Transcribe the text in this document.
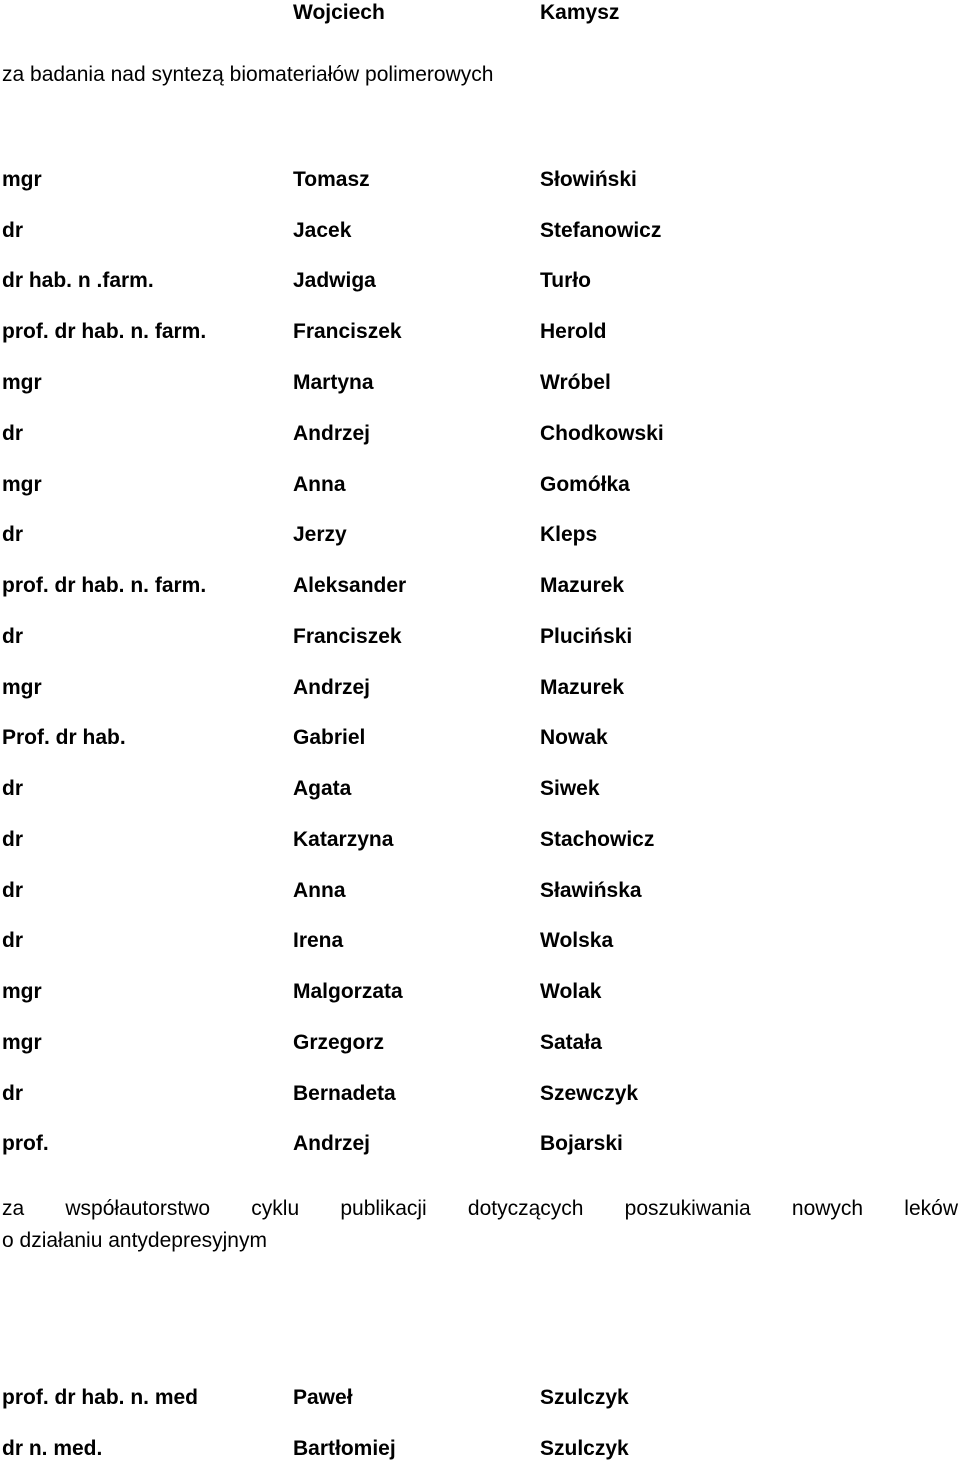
Wojciech	Kamysz
za badania nad syntezą biomateriałów polimerowych
mgr	Tomasz	Słowiński
dr	Jacek	Stefanowicz
dr hab. n .farm.	Jadwiga	Turło
prof. dr hab. n. farm.	Franciszek	Herold
mgr	Martyna	Wróbel
dr	Andrzej	Chodkowski
mgr	Anna	Gomółka
dr	Jerzy	Kleps
prof. dr hab. n. farm.	Aleksander	Mazurek
dr	Franciszek	Pluciński
mgr	Andrzej	Mazurek
Prof. dr hab.	Gabriel	Nowak
dr	Agata	Siwek
dr	Katarzyna	Stachowicz
dr	Anna	Sławińska
dr	Irena	Wolska
mgr	Malgorzata	Wolak
mgr	Grzegorz	Satała
dr	Bernadeta	Szewczyk
prof.	Andrzej	Bojarski
za współautorstwo cyklu publikacji dotyczących poszukiwania nowych leków
o działaniu antydepresyjnym
prof. dr hab. n. med	Paweł	Szulczyk
dr n. med.	Bartłomiej	Szulczyk
